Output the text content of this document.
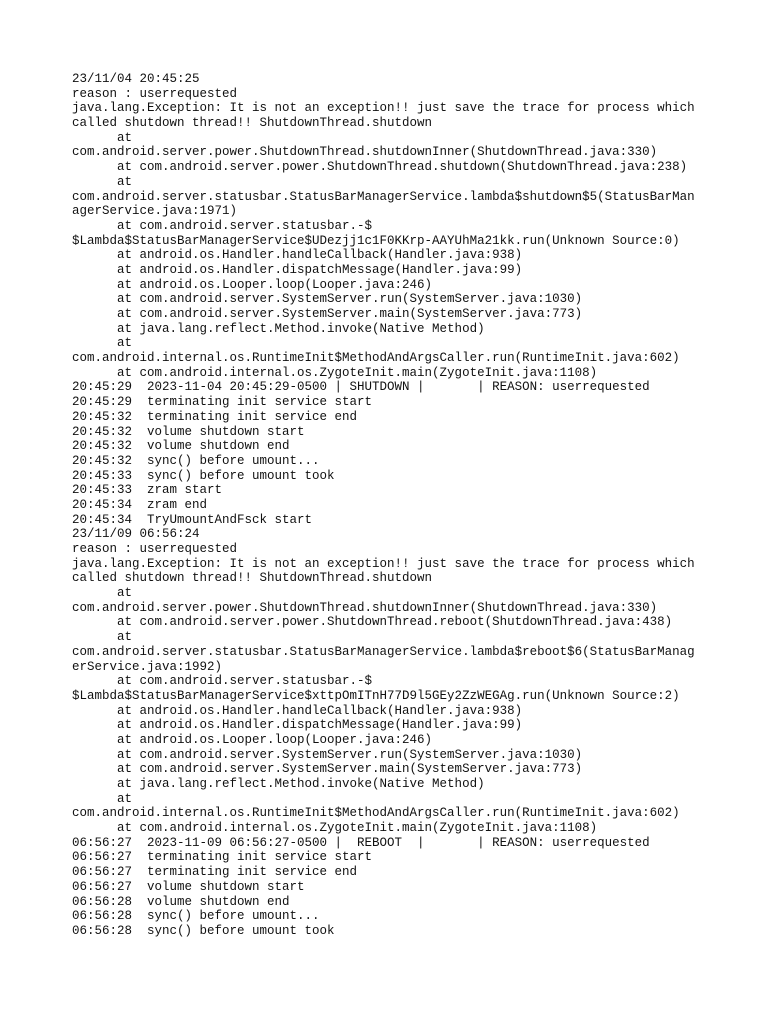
23/11/04 20:45:25
reason : userrequested
java.lang.Exception: It is not an exception!! just save the trace for process which
called shutdown thread!! ShutdownThread.shutdown
at
com.android.server.power.ShutdownThread.shutdownInner(ShutdownThread.java:330)
at com.android.server.power.ShutdownThread.shutdown(ShutdownThread.java:238)
at
com.android.server.statusbar.StatusBarManagerService.lambda$shutdown$5(StatusBarMan
agerService.java:1971)
at com.android.server.statusbar.-$
$Lambda$StatusBarManagerService$UDezjj1c1F0KKrp-AAYUhMa21kk.run(Unknown Source:0)
at android.os.Handler.handleCallback(Handler.java:938)
at android.os.Handler.dispatchMessage(Handler.java:99)
at android.os.Looper.loop(Looper.java:246)
at com.android.server.SystemServer.run(SystemServer.java:1030)
at com.android.server.SystemServer.main(SystemServer.java:773)
at java.lang.reflect.Method.invoke(Native Method)
at
com.android.internal.os.RuntimeInit$MethodAndArgsCaller.run(RuntimeInit.java:602)
at com.android.internal.os.ZygoteInit.main(ZygoteInit.java:1108)
20:45:29  2023-11-04 20:45:29-0500 | SHUTDOWN |       | REASON: userrequested
20:45:29  terminating init service start
20:45:32  terminating init service end
20:45:32  volume shutdown start
20:45:32  volume shutdown end
20:45:32  sync() before umount...
20:45:33  sync() before umount took
20:45:33  zram start
20:45:34  zram end
20:45:34  TryUmountAndFsck start
23/11/09 06:56:24
reason : userrequested
java.lang.Exception: It is not an exception!! just save the trace for process which
called shutdown thread!! ShutdownThread.shutdown
at
com.android.server.power.ShutdownThread.shutdownInner(ShutdownThread.java:330)
at com.android.server.power.ShutdownThread.reboot(ShutdownThread.java:438)
at
com.android.server.statusbar.StatusBarManagerService.lambda$reboot$6(StatusBarManag
erService.java:1992)
at com.android.server.statusbar.-$
$Lambda$StatusBarManagerService$xttpOmITnH77D9l5GEy2ZzWEGAg.run(Unknown Source:2)
at android.os.Handler.handleCallback(Handler.java:938)
at android.os.Handler.dispatchMessage(Handler.java:99)
at android.os.Looper.loop(Looper.java:246)
at com.android.server.SystemServer.run(SystemServer.java:1030)
at com.android.server.SystemServer.main(SystemServer.java:773)
at java.lang.reflect.Method.invoke(Native Method)
at
com.android.internal.os.RuntimeInit$MethodAndArgsCaller.run(RuntimeInit.java:602)
at com.android.internal.os.ZygoteInit.main(ZygoteInit.java:1108)
06:56:27  2023-11-09 06:56:27-0500 |  REBOOT  |       | REASON: userrequested
06:56:27  terminating init service start
06:56:27  terminating init service end
06:56:27  volume shutdown start
06:56:28  volume shutdown end
06:56:28  sync() before umount...
06:56:28  sync() before umount took
